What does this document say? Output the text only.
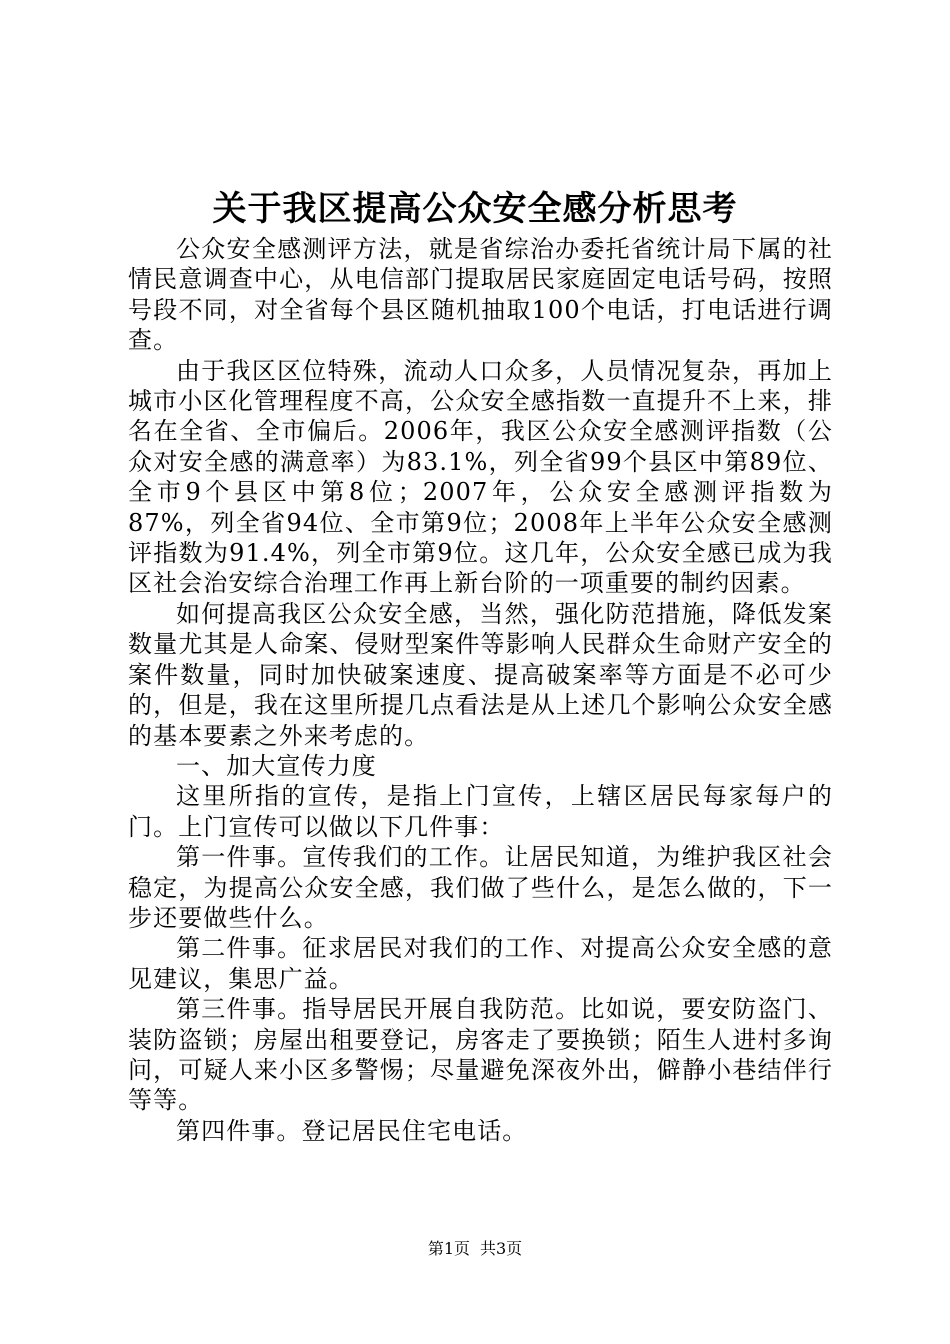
关于我区提高公众安全感分析思考

公众安全感测评方法，就是省综治办委托省统计局下属的社情民意调查中心，从电信部门提取居民家庭固定电话号码，按照号段不同，对全省每个县区随机抽取100个电话，打电话进行调查。

由于我区区位特殊，流动人口众多，人员情况复杂，再加上城市小区化管理程度不高，公众安全感指数一直提升不上来，排名在全省、全市偏后。2006年，我区公众安全感测评指数（公众对安全感的满意率）为83.1%，列全省99个县区中第89位、全市9个县区中第8位；2007年，公众安全感测评指数为87%，列全省94位、全市第9位；2008年上半年公众安全感测评指数为91.4%，列全市第9位。这几年，公众安全感已成为我区社会治安综合治理工作再上新台阶的一项重要的制约因素。

如何提高我区公众安全感，当然，强化防范措施，降低发案数量尤其是人命案、侵财型案件等影响人民群众生命财产安全的案件数量，同时加快破案速度、提高破案率等方面是不必可少的，但是，我在这里所提几点看法是从上述几个影响公众安全感的基本要素之外来考虑的。

一、加大宣传力度

这里所指的宣传，是指上门宣传，上辖区居民每家每户的门。上门宣传可以做以下几件事：

第一件事。宣传我们的工作。让居民知道，为维护我区社会稳定，为提高公众安全感，我们做了些什么，是怎么做的，下一步还要做些什么。

第二件事。征求居民对我们的工作、对提高公众安全感的意见建议，集思广益。

第三件事。指导居民开展自我防范。比如说，要安防盗门、装防盗锁；房屋出租要登记，房客走了要换锁；陌生人进村多询问，可疑人来小区多警惕；尽量避免深夜外出，僻静小巷结伴行等等。

第四件事。登记居民住宅电话。

第1页 共3页
